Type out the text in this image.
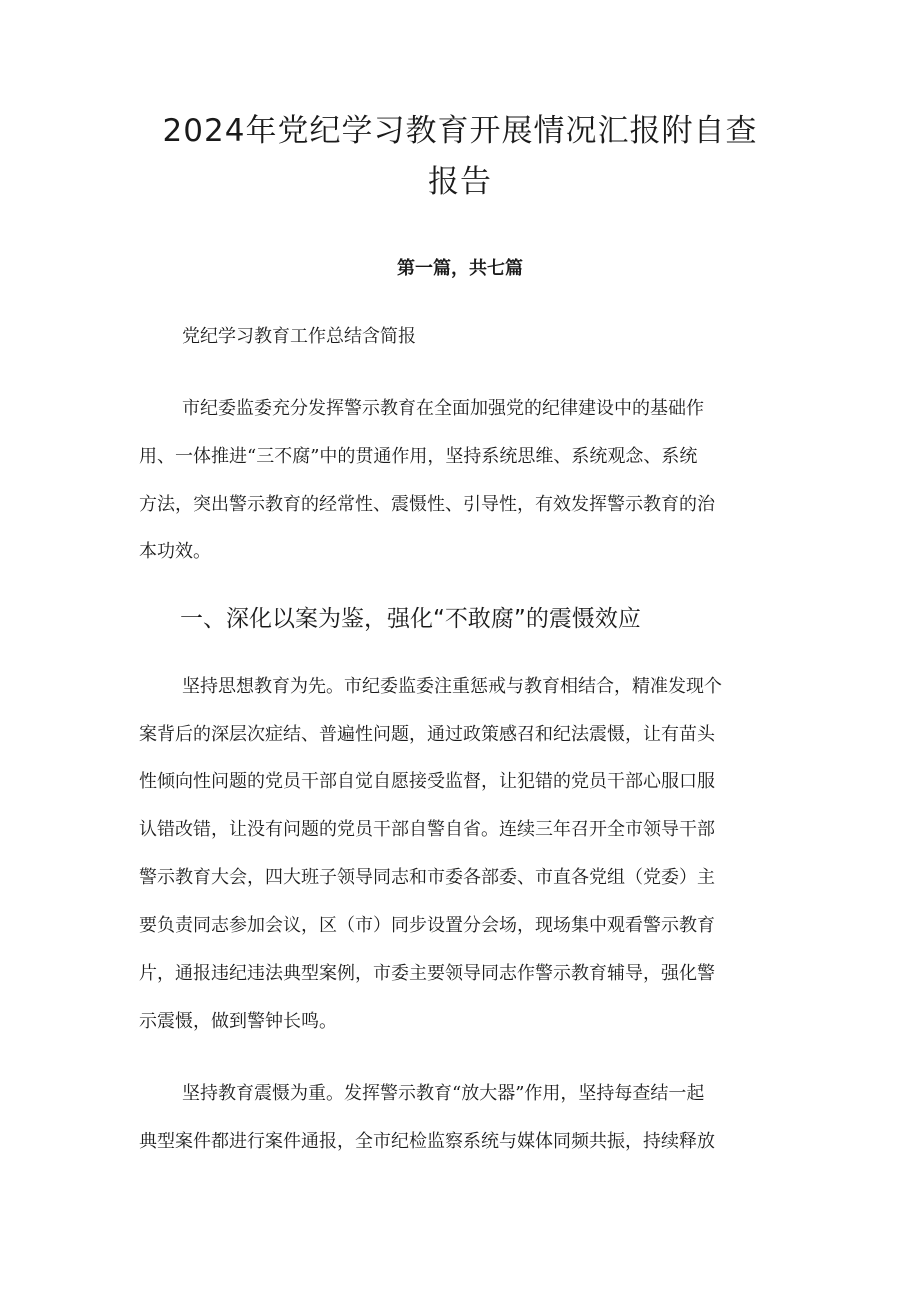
2024年党纪学习教育开展情况汇报附自查
报告
第一篇，共七篇
党纪学习教育工作总结含简报
市纪委监委充分发挥警示教育在全面加强党的纪律建设中的基础作
用、一体推进“三不腐”中的贯通作用，坚持系统思维、系统观念、系统
方法，突出警示教育的经常性、震慑性、引导性，有效发挥警示教育的治
本功效。
一、深化以案为鉴，强化“不敢腐”的震慑效应
坚持思想教育为先。市纪委监委注重惩戒与教育相结合，精准发现个
案背后的深层次症结、普遍性问题，通过政策感召和纪法震慑，让有苗头
性倾向性问题的党员干部自觉自愿接受监督，让犯错的党员干部心服口服
认错改错，让没有问题的党员干部自警自省。连续三年召开全市领导干部
警示教育大会，四大班子领导同志和市委各部委、市直各党组（党委）主
要负责同志参加会议，区（市）同步设置分会场，现场集中观看警示教育
片，通报违纪违法典型案例，市委主要领导同志作警示教育辅导，强化警
示震慑，做到警钟长鸣。
坚持教育震慑为重。发挥警示教育“放大器”作用，坚持每查结一起
典型案件都进行案件通报，全市纪检监察系统与媒体同频共振，持续释放
